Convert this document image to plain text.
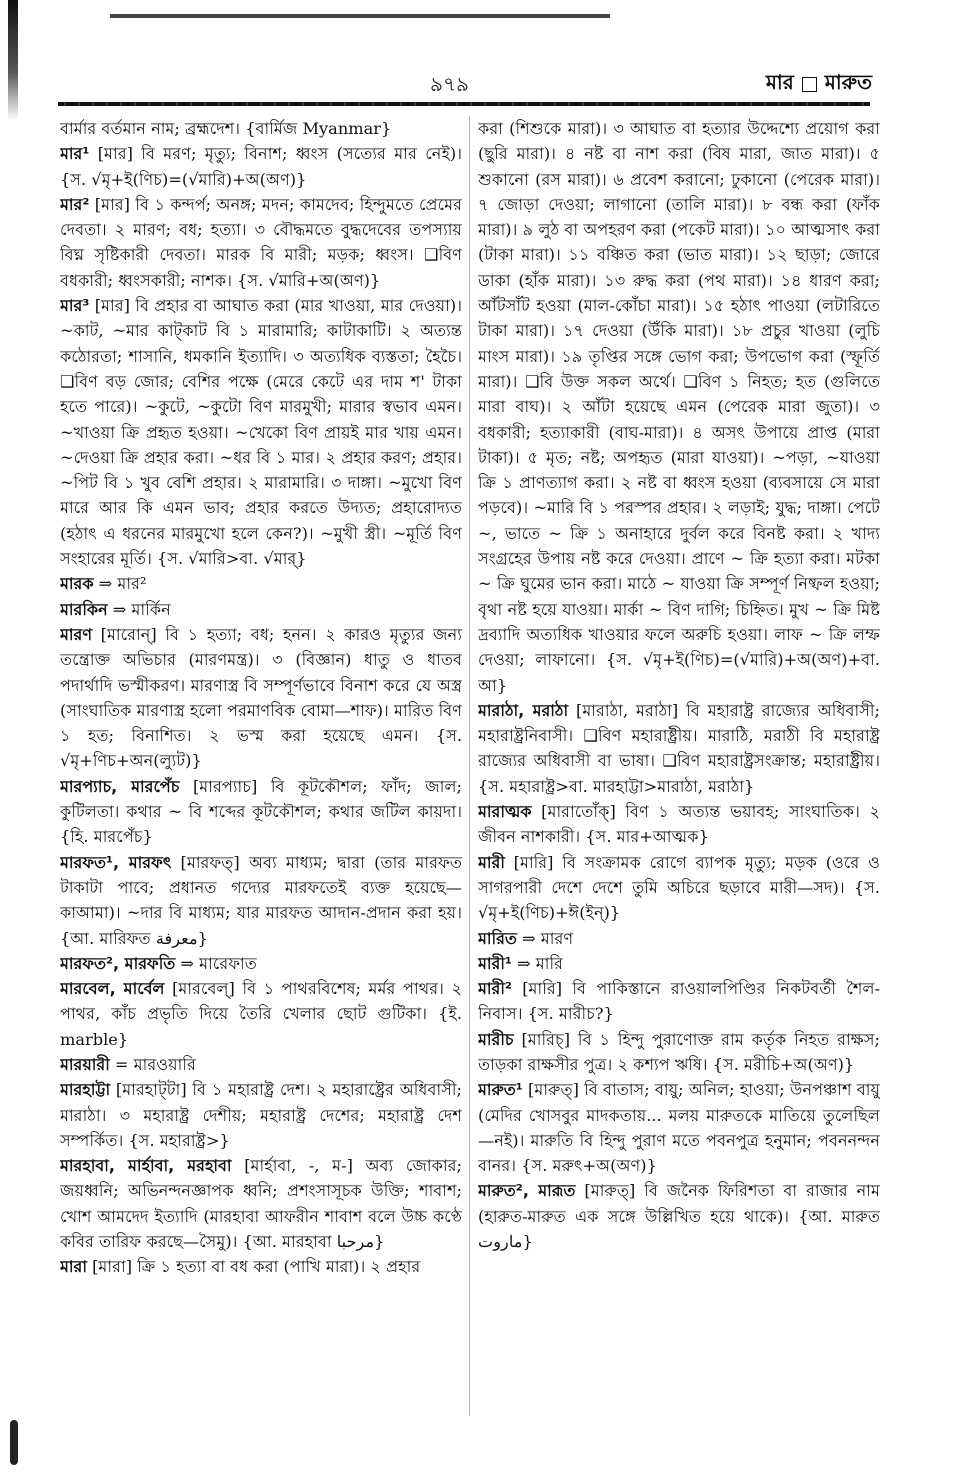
৯৭৯	মার মারুত

বার্মার বর্তমান নাম; ব্রহ্মদেশ। {বার্মিজ Myanmar}

মার¹ [মার] বি মরণ; মৃত্যু; বিনাশ; ধ্বংস (সত্যের মার নেই)। {স. √মৃ+ই(ণিচ)=(√মারি)+অ(অণ)}

মার² [মার] বি ১ কন্দর্প; অনঙ্গ; মদন; কামদেব; হিন্দুমতে প্রেমের দেবতা। ২ মারণ; বধ; হত্যা। ৩ বৌদ্ধমতে বুদ্ধদেবের তপস্যায় বিঘ্ন সৃষ্টিকারী দেবতা। মারক বি মারী; মড়ক; ধ্বংস। ❑বিণ বধকারী; ধ্বংসকারী; নাশক। {স. √মারি+অ(অণ)}

মার³ [মার] বি প্রহার বা আঘাত করা (মার খাওয়া, মার দেওয়া)। ~কাট, ~মার কাট্‌কাট বি ১ মারামারি; কাটাকাটি। ২ অত্যন্ত কঠোরতা; শাসানি, ধমকানি ইত্যাদি। ৩ অত্যধিক ব্যস্ততা; হৈচৈ। ❑বিণ বড় জোর; বেশির পক্ষে (মেরে কেটে এর দাম শ' টাকা হতে পারে)। ~কুটে, ~কুটো বিণ মারমুখী; মারার স্বভাব এমন। ~খাওয়া ক্রি প্রহৃত হওয়া। ~খেকো বিণ প্রায়ই মার খায় এমন। ~দেওয়া ক্রি প্রহার করা। ~ধর বি ১ মার। ২ প্রহার করণ; প্রহার। ~পিট বি ১ খুব বেশি প্রহার। ২ মারামারি। ৩ দাঙ্গা। ~মুখো বিণ মারে আর কি এমন ভাব; প্রহার করতে উদ্যত; প্রহারোদ্যত (হঠাৎ এ ধরনের মারমুখো হলে কেন?)। ~মুখী স্ত্রী। ~মূর্তি বিণ সংহারের মূর্তি। {স. √মারি>বা. √মার্}

মারক ⇒ মার²

মারকিন ⇒ মার্কিন

মারণ [মারোন্] বি ১ হত্যা; বধ; হনন। ২ কারও মৃত্যুর জন্য তন্ত্রোক্ত অভিচার (মারণমন্ত্র)। ৩ (বিজ্ঞান) ধাতু ও ধাতব পদার্থাদি ভস্মীকরণ। মারণাস্ত্র বি সম্পূর্ণভাবে বিনাশ করে যে অস্ত্র (সাংঘাতিক মারণাস্ত্র হলো পরমাণবিক বোমা—শাফ)। মারিত বিণ ১ হত; বিনাশিত। ২ ভস্ম করা হয়েছে এমন। {স. √মৃ+ণিচ+অন(ল্যুট)}

মারপ্যাচ, মারপেঁচ [মারপ্যাচ] বি কূটকৌশল; ফাঁদ; জাল; কুটিলতা। কথার ~ বি শব্দের কূটকৌশল; কথার জটিল কায়দা। {হি. মারপেঁচ}

মারফত¹, মারফৎ [মারফত্] অব্য মাধ্যম; দ্বারা (তার মারফত টাকাটা পাবে; প্রধানত গদ্যের মারফতেই ব্যক্ত হয়েছে—কাআমা)। ~দার বি মাধ্যম; যার মারফত আদান-প্রদান করা হয়। {আ. মারিফত معرفة}

মারফত², মারফতি ⇒ মারেফাত

মারবেল, মার্বেল [মারবেল্] বি ১ পাথরবিশেষ; মর্মর পাথর। ২ পাথর, কাঁচ প্রভৃতি দিয়ে তৈরি খেলার ছোট গুটিকা। {ই. marble}

মারয়ারী = মারওয়ারি

মারহাট্টা [মারহাট্‌টা] বি ১ মহারাষ্ট্র দেশ। ২ মহারাষ্ট্রের অধিবাসী; মারাঠা। ৩ মহারাষ্ট্র দেশীয়; মহারাষ্ট্র দেশের; মহারাষ্ট্র দেশ সম্পর্কিত। {স. মহারাষ্ট্র>}

মারহাবা, মার্হাবা, মরহাবা [মার্হাবা, -, ম-] অব্য জোকার; জয়ধ্বনি; অভিনন্দনজ্ঞাপক ধ্বনি; প্রশংসাসূচক উক্তি; শাবাশ; খোশ আমদেদ ইত্যাদি (মারহাবা আফরীন শাবাশ বলে উচ্চ কণ্ঠে কবির তারিফ করছে—সৈমু)। {আ. মারহাবা مرحبا}

মারা [মারা] ক্রি ১ হত্যা বা বধ করা (পাখি মারা)। ২ প্রহার

করা (শিশুকে মারা)। ৩ আঘাত বা হত্যার উদ্দেশ্যে প্রয়োগ করা (ছুরি মারা)। ৪ নষ্ট বা নাশ করা (বিষ মারা, জাত মারা)। ৫ শুকানো (রস মারা)। ৬ প্রবেশ করানো; ঢুকানো (পেরেক মারা)। ৭ জোড়া দেওয়া; লাগানো (তালি মারা)। ৮ বন্ধ করা (ফাঁক মারা)। ৯ লুঠ বা অপহরণ করা (পকেট মারা)। ১০ আত্মসাৎ করা (টাকা মারা)। ১১ বঞ্চিত করা (ভাত মারা)। ১২ ছাড়া; জোরে ডাকা (হাঁক মারা)। ১৩ রুদ্ধ করা (পথ মারা)। ১৪ ধারণ করা; আঁটসাঁট হওয়া (মাল-কোঁচা মারা)। ১৫ হঠাৎ পাওয়া (লটারিতে টাকা মারা)। ১৭ দেওয়া (উঁকি মারা)। ১৮ প্রচুর খাওয়া (লুচি মাংস মারা)। ১৯ তৃপ্তির সঙ্গে ভোগ করা; উপভোগ করা (স্ফূর্তি মারা)। ❑বি উক্ত সকল অর্থে। ❑বিণ ১ নিহত; হত (গুলিতে মারা বাঘ)। ২ আঁটা হয়েছে এমন (পেরেক মারা জুতা)। ৩ বধকারী; হত্যাকারী (বাঘ-মারা)। ৪ অসৎ উপায়ে প্রাপ্ত (মারা টাকা)। ৫ মৃত; নষ্ট; অপহৃত (মারা যাওয়া)। ~পড়া, ~যাওয়া ক্রি ১ প্রাণত্যাগ করা। ২ নষ্ট বা ধ্বংস হওয়া (ব্যবসায়ে সে মারা পড়বে)। ~মারি বি ১ পরস্পর প্রহার। ২ লড়াই; যুদ্ধ; দাঙ্গা। পেটে ~, ভাতে ~ ক্রি ১ অনাহারে দুর্বল করে বিনষ্ট করা। ২ খাদ্য সংগ্রহের উপায় নষ্ট করে দেওয়া। প্রাণে ~ ক্রি হত্যা করা। মটকা ~ ক্রি ঘুমের ভান করা। মাঠে ~ যাওয়া ক্রি সম্পূর্ণ নিষ্ফল হওয়া; বৃথা নষ্ট হয়ে যাওয়া। মার্কা ~ বিণ দাগি; চিহ্নিত। মুখ ~ ক্রি মিষ্ট দ্রব্যাদি অত্যধিক খাওয়ার ফলে অরুচি হওয়া। লাফ ~ ক্রি লম্ফ দেওয়া; লাফানো। {স. √মৃ+ই(ণিচ)=(√মারি)+অ(অণ)+বা. আ}

মারাঠা, মরাঠা [মারাঠা, মরাঠা] বি মহারাষ্ট্র রাজ্যের অধিবাসী; মহারাষ্ট্রনিবাসী। ❑বিণ মহারাষ্ট্রীয়। মারাঠি, মরাঠী বি মহারাষ্ট্র রাজ্যের অধিবাসী বা ভাষা। ❑বিণ মহারাষ্ট্রসংক্রান্ত; মহারাষ্ট্রীয়। {স. মহারাষ্ট্র>বা. মারহাট্টা>মারাঠা, মরাঠা}

মারাত্মক [মারাতোঁক্] বিণ ১ অত্যন্ত ভয়াবহ; সাংঘাতিক। ২ জীবন নাশকারী। {স. মার+আত্মক}

মারী [মারি] বি সংক্রামক রোগে ব্যাপক মৃত্যু; মড়ক (ওরে ও সাগরপারী দেশে দেশে তুমি অচিরে ছড়াবে মারী—সদ)। {স. √মৃ+ই(ণিচ)+ঈ(ইন্)}

মারিত ⇒ মারণ

মারী¹ ⇒ মারি

মারী² [মারি] বি পাকিস্তানে রাওয়ালপিণ্ডির নিকটবর্তী শৈল-নিবাস। {স. মারীচ?}

মারীচ [মারিচ্] বি ১ হিন্দু পুরাণোক্ত রাম কর্তৃক নিহত রাক্ষস; তাড়কা রাক্ষসীর পুত্র। ২ কশ্যপ ঋষি। {স. মরীচি+অ(অণ)}

মারুত¹ [মারুত্] বি বাতাস; বায়ু; অনিল; হাওয়া; উনপঞ্চাশ বায়ু (মেদির খোসবুর মাদকতায়... মলয় মারুতকে মাতিয়ে তুলেছিল—নই)। মারুতি বি হিন্দু পুরাণ মতে পবনপুত্র হনুমান; পবননন্দন বানর। {স. মরুৎ+অ(অণ)}

মারুত², মারূত [মারুত্] বি জনৈক ফিরিশতা বা রাজার নাম (হারুত-মারুত এক সঙ্গে উল্লিখিত হয়ে থাকে)। {আ. মারুত ماروت}
